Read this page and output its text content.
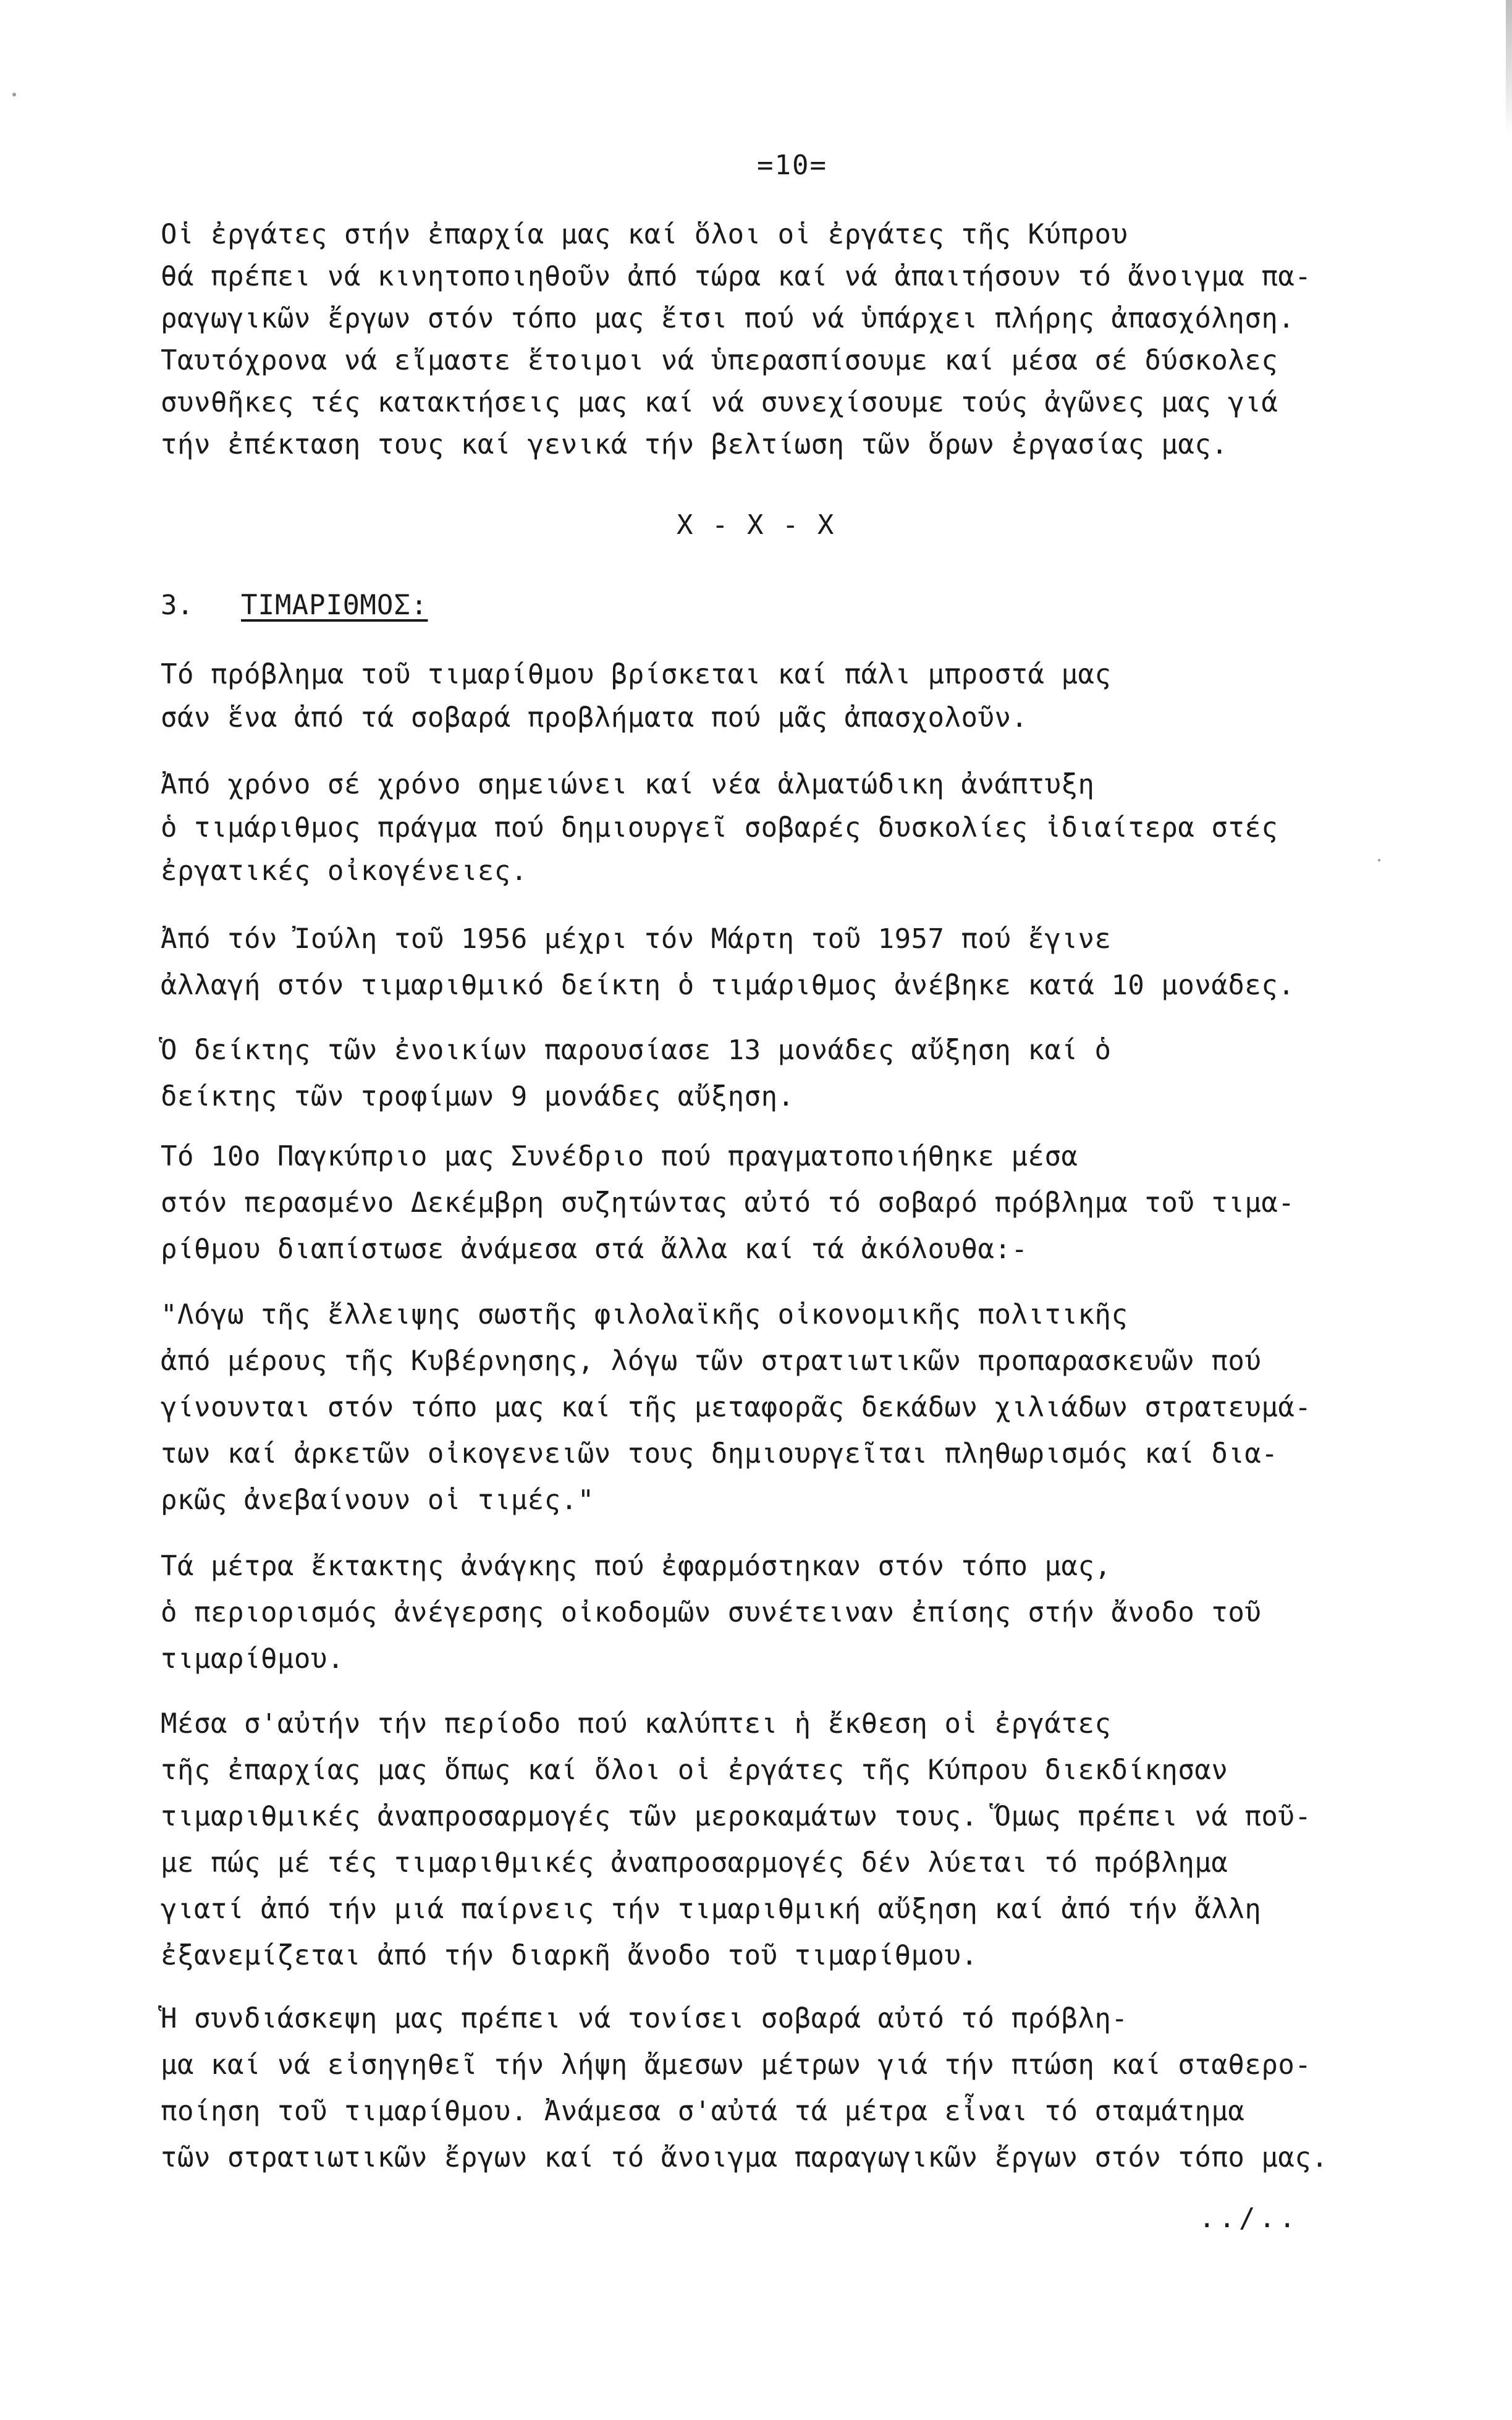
=10=
Οἱ ἐργάτες στήν ἐπαρχία μας καί ὅλοι οἱ ἐργάτες τῆς Κύπρου
θά πρέπει νά κινητοποιηθοῦν ἀπό τώρα καί νά ἀπαιτήσουν τό ἄνοιγμα πα-
ραγωγικῶν ἔργων στόν τόπο μας ἔτσι πού νά ὑπάρχει πλήρης ἀπασχόληση.
Ταυτόχρονα νά εἴμαστε ἕτοιμοι νά ὑπερασπίσουμε καί μέσα σέ δύσκολες
συνθῆκες τές κατακτήσεις μας καί νά συνεχίσουμε τούς ἀγῶνες μας γιά
τήν ἐπέκταση τους καί γενικά τήν βελτίωση τῶν ὅρων ἐργασίας μας.
X - X - X
3. ΤΙΜΑΡΙΘΜΟΣ:
Τό πρόβλημα τοῦ τιμαρίθμου βρίσκεται καί πάλι μπροστά μας
σάν ἕνα ἀπό τά σοβαρά προβλήματα πού μᾶς ἀπασχολοῦν.
Ἀπό χρόνο σέ χρόνο σημειώνει καί νέα ἁλματώδικη ἀνάπτυξη
ὁ τιμάριθμος πράγμα πού δημιουργεῖ σοβαρές δυσκολίες ἰδιαίτερα στές
ἐργατικές οἰκογένειες.
Ἀπό τόν Ἰούλη τοῦ 1956 μέχρι τόν Μάρτη τοῦ 1957 πού ἔγινε
ἀλλαγή στόν τιμαριθμικό δείκτη ὁ τιμάριθμος ἀνέβηκε κατά 10 μονάδες.
Ὁ δείκτης τῶν ἐνοικίων παρουσίασε 13 μονάδες αὔξηση καί ὁ
δείκτης τῶν τροφίμων 9 μονάδες αὔξηση.
Τό 10ο Παγκύπριο μας Συνέδριο πού πραγματοποιήθηκε μέσα
στόν περασμένο Δεκέμβρη συζητώντας αὐτό τό σοβαρό πρόβλημα τοῦ τιμα-
ρίθμου διαπίστωσε ἀνάμεσα στά ἄλλα καί τά ἀκόλουθα:-
"Λόγω τῆς ἔλλειψης σωστῆς φιλολαϊκῆς οἰκονομικῆς πολιτικῆς
ἀπό μέρους τῆς Κυβέρνησης, λόγω τῶν στρατιωτικῶν προπαρασκευῶν πού
γίνουνται στόν τόπο μας καί τῆς μεταφορᾶς δεκάδων χιλιάδων στρατευμά-
των καί ἀρκετῶν οἰκογενειῶν τους δημιουργεῖται πληθωρισμός καί δια-
ρκῶς ἀνεβαίνουν οἱ τιμές."
Τά μέτρα ἔκτακτης ἀνάγκης πού ἐφαρμόστηκαν στόν τόπο μας,
ὁ περιορισμός ἀνέγερσης οἰκοδομῶν συνέτειναν ἐπίσης στήν ἄνοδο τοῦ
τιμαρίθμου.
Μέσα σ'αὐτήν τήν περίοδο πού καλύπτει ἡ ἔκθεση οἱ ἐργάτες
τῆς ἐπαρχίας μας ὅπως καί ὅλοι οἱ ἐργάτες τῆς Κύπρου διεκδίκησαν
τιμαριθμικές ἀναπροσαρμογές τῶν μεροκαμάτων τους. Ὅμως πρέπει νά ποῦ-
με πώς μέ τές τιμαριθμικές ἀναπροσαρμογές δέν λύεται τό πρόβλημα
γιατί ἀπό τήν μιά παίρνεις τήν τιμαριθμική αὔξηση καί ἀπό τήν ἄλλη
ἐξανεμίζεται ἀπό τήν διαρκῆ ἄνοδο τοῦ τιμαρίθμου.
Ἡ συνδιάσκεψη μας πρέπει νά τονίσει σοβαρά αὐτό τό πρόβλη-
μα καί νά εἰσηγηθεῖ τήν λήψη ἄμεσων μέτρων γιά τήν πτώση καί σταθερο-
ποίηση τοῦ τιμαρίθμου. Ἀνάμεσα σ'αὐτά τά μέτρα εἶναι τό σταμάτημα
τῶν στρατιωτικῶν ἔργων καί τό ἄνοιγμα παραγωγικῶν ἔργων στόν τόπο μας.
../..
